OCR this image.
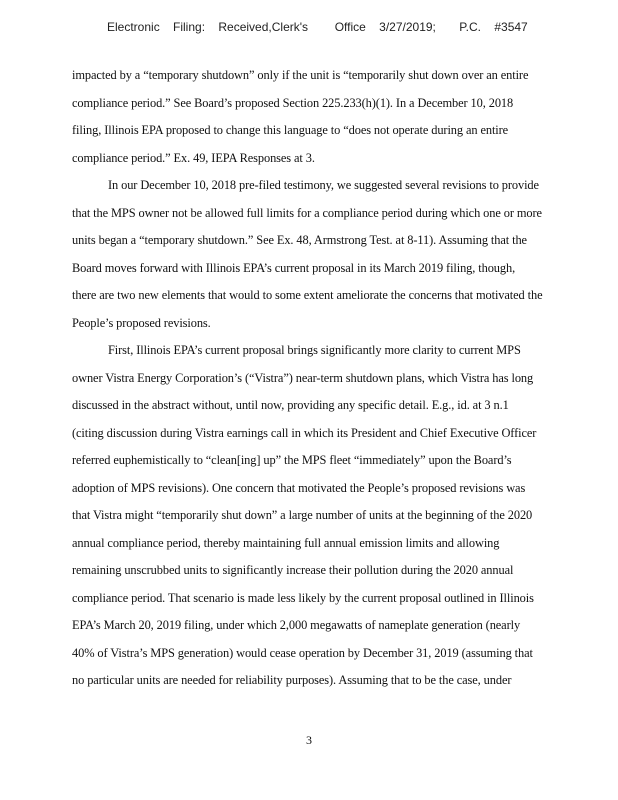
Electronic    Filing:    Received,Clerk's        Office    3/27/2019;       P.C.    #3547
impacted by a “temporary shutdown” only if the unit is “temporarily shut down over an entire
compliance period.” See Board’s proposed Section 225.233(h)(1). In a December 10, 2018
filing, Illinois EPA proposed to change this language to “does not operate during an entire
compliance period.” Ex. 49, IEPA Responses at 3.
In our December 10, 2018 pre-filed testimony, we suggested several revisions to provide
that the MPS owner not be allowed full limits for a compliance period during which one or more
units began a “temporary shutdown.” See Ex. 48, Armstrong Test. at 8-11). Assuming that the
Board moves forward with Illinois EPA’s current proposal in its March 2019 filing, though,
there are two new elements that would to some extent ameliorate the concerns that motivated the
People’s proposed revisions.
First, Illinois EPA’s current proposal brings significantly more clarity to current MPS
owner Vistra Energy Corporation’s (“Vistra”) near-term shutdown plans, which Vistra has long
discussed in the abstract without, until now, providing any specific detail. E.g., id. at 3 n.1
(citing discussion during Vistra earnings call in which its President and Chief Executive Officer
referred euphemistically to “clean[ing] up” the MPS fleet “immediately” upon the Board’s
adoption of MPS revisions). One concern that motivated the People’s proposed revisions was
that Vistra might “temporarily shut down” a large number of units at the beginning of the 2020
annual compliance period, thereby maintaining full annual emission limits and allowing
remaining unscrubbed units to significantly increase their pollution during the 2020 annual
compliance period. That scenario is made less likely by the current proposal outlined in Illinois
EPA’s March 20, 2019 filing, under which 2,000 megawatts of nameplate generation (nearly
40% of Vistra’s MPS generation) would cease operation by December 31, 2019 (assuming that
no particular units are needed for reliability purposes). Assuming that to be the case, under
3
